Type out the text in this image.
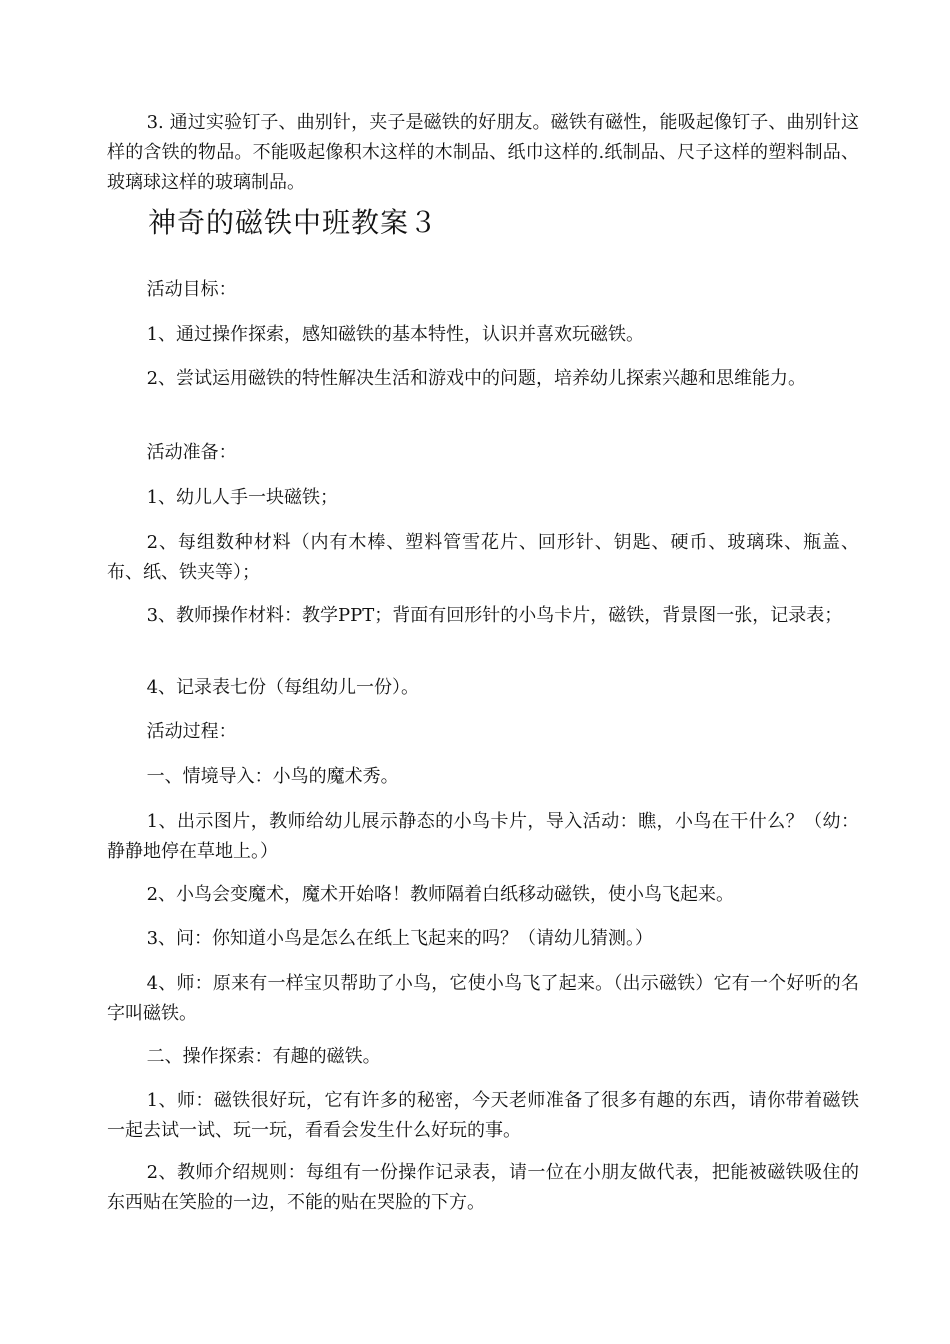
3. 通过实验钉子、曲别针，夹子是磁铁的好朋友。磁铁有磁性，能吸起像钉子、曲别针这样的含铁的物品。不能吸起像积木这样的木制品、纸巾这样的.纸制品、尺子这样的塑料制品、玻璃球这样的玻璃制品。

神奇的磁铁中班教案３

活动目标：

1、通过操作探索，感知磁铁的基本特性，认识并喜欢玩磁铁。

2、尝试运用磁铁的特性解决生活和游戏中的问题，培养幼儿探索兴趣和思维能力。

活动准备：

1、幼儿人手一块磁铁；

2、每组数种材料（内有木棒、塑料管雪花片、回形针、钥匙、硬币、玻璃珠、瓶盖、布、纸、铁夹等）；

3、教师操作材料：教学PPT；背面有回形针的小鸟卡片，磁铁，背景图一张，记录表；

4、记录表七份（每组幼儿一份）。

活动过程：

一、情境导入：小鸟的魔术秀。

1、出示图片，教师给幼儿展示静态的小鸟卡片，导入活动：瞧，小鸟在干什么？（幼：静静地停在草地上。）

2、小鸟会变魔术，魔术开始咯！教师隔着白纸移动磁铁，使小鸟飞起来。

3、问：你知道小鸟是怎么在纸上飞起来的吗？（请幼儿猜测。）

4、师：原来有一样宝贝帮助了小鸟，它使小鸟飞了起来。（出示磁铁）它有一个好听的名字叫磁铁。

二、操作探索：有趣的磁铁。

1、师：磁铁很好玩，它有许多的秘密，今天老师准备了很多有趣的东西，请你带着磁铁一起去试一试、玩一玩，看看会发生什么好玩的事。

2、教师介绍规则：每组有一份操作记录表，请一位在小朋友做代表，把能被磁铁吸住的东西贴在笑脸的一边，不能的贴在哭脸的下方。
